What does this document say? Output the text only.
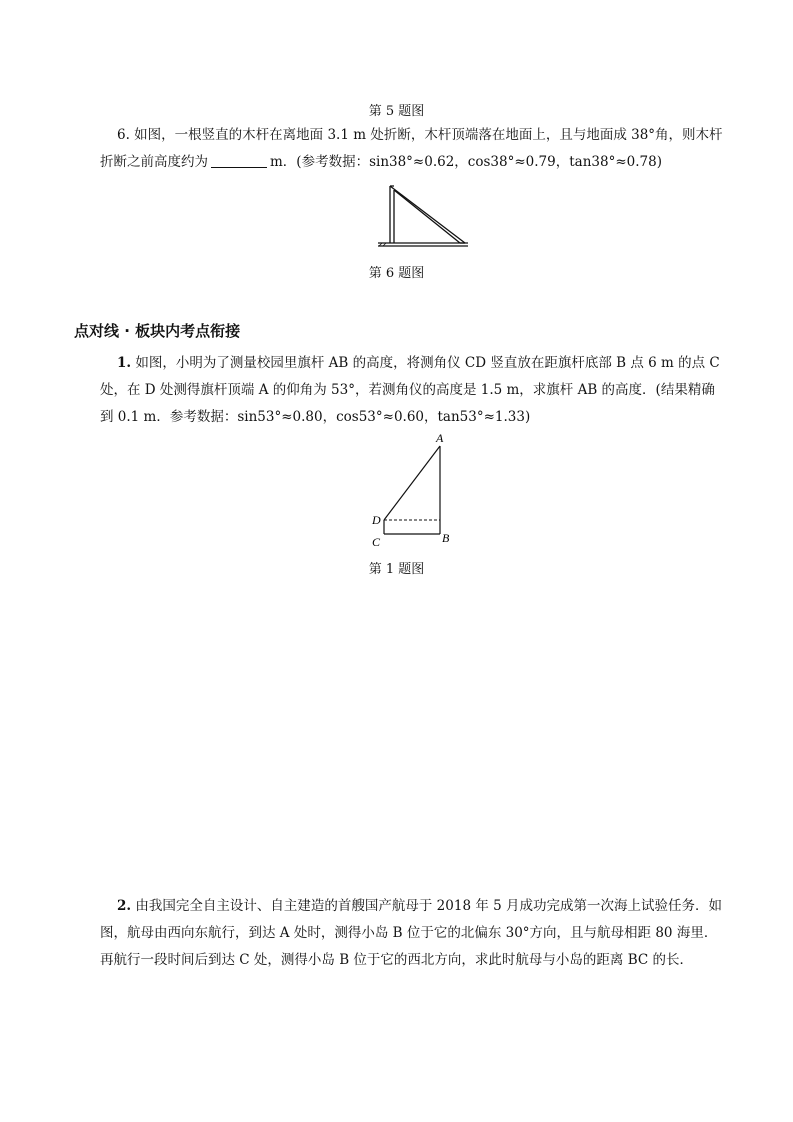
第 5 题图
6. 如图，一根竖直的木杆在离地面 3.1 m 处折断，木杆顶端落在地面上，且与地面成 38°角，则木杆折断之前高度约为	m．(参考数据：sin38°≈0.62，cos38°≈0.79，tan38°≈0.78)
第 6 题图
点对线 · 板块内考点衔接
1. 如图，小明为了测量校园里旗杆 AB 的高度，将测角仪 CD 竖直放在距旗杆底部 B 点 6 m 的点 C 处，在 D 处测得旗杆顶端 A 的仰角为 53°，若测角仪的高度是 1.5 m，求旗杆 AB 的高度．(结果精确到 0.1 m．参考数据：sin53°≈0.80，cos53°≈0.60，tan53°≈1.33)
A
D
C	B
第 1 题图
2. 由我国完全自主设计、自主建造的首艘国产航母于 2018 年 5 月成功完成第一次海上试验任务．如图，航母由西向东航行，到达 A 处时，测得小岛 B 位于它的北偏东 30°方向，且与航母相距 80 海里．再航行一段时间后到达 C 处，测得小岛 B 位于它的西北方向，求此时航母与小岛的距离 BC 的长．
